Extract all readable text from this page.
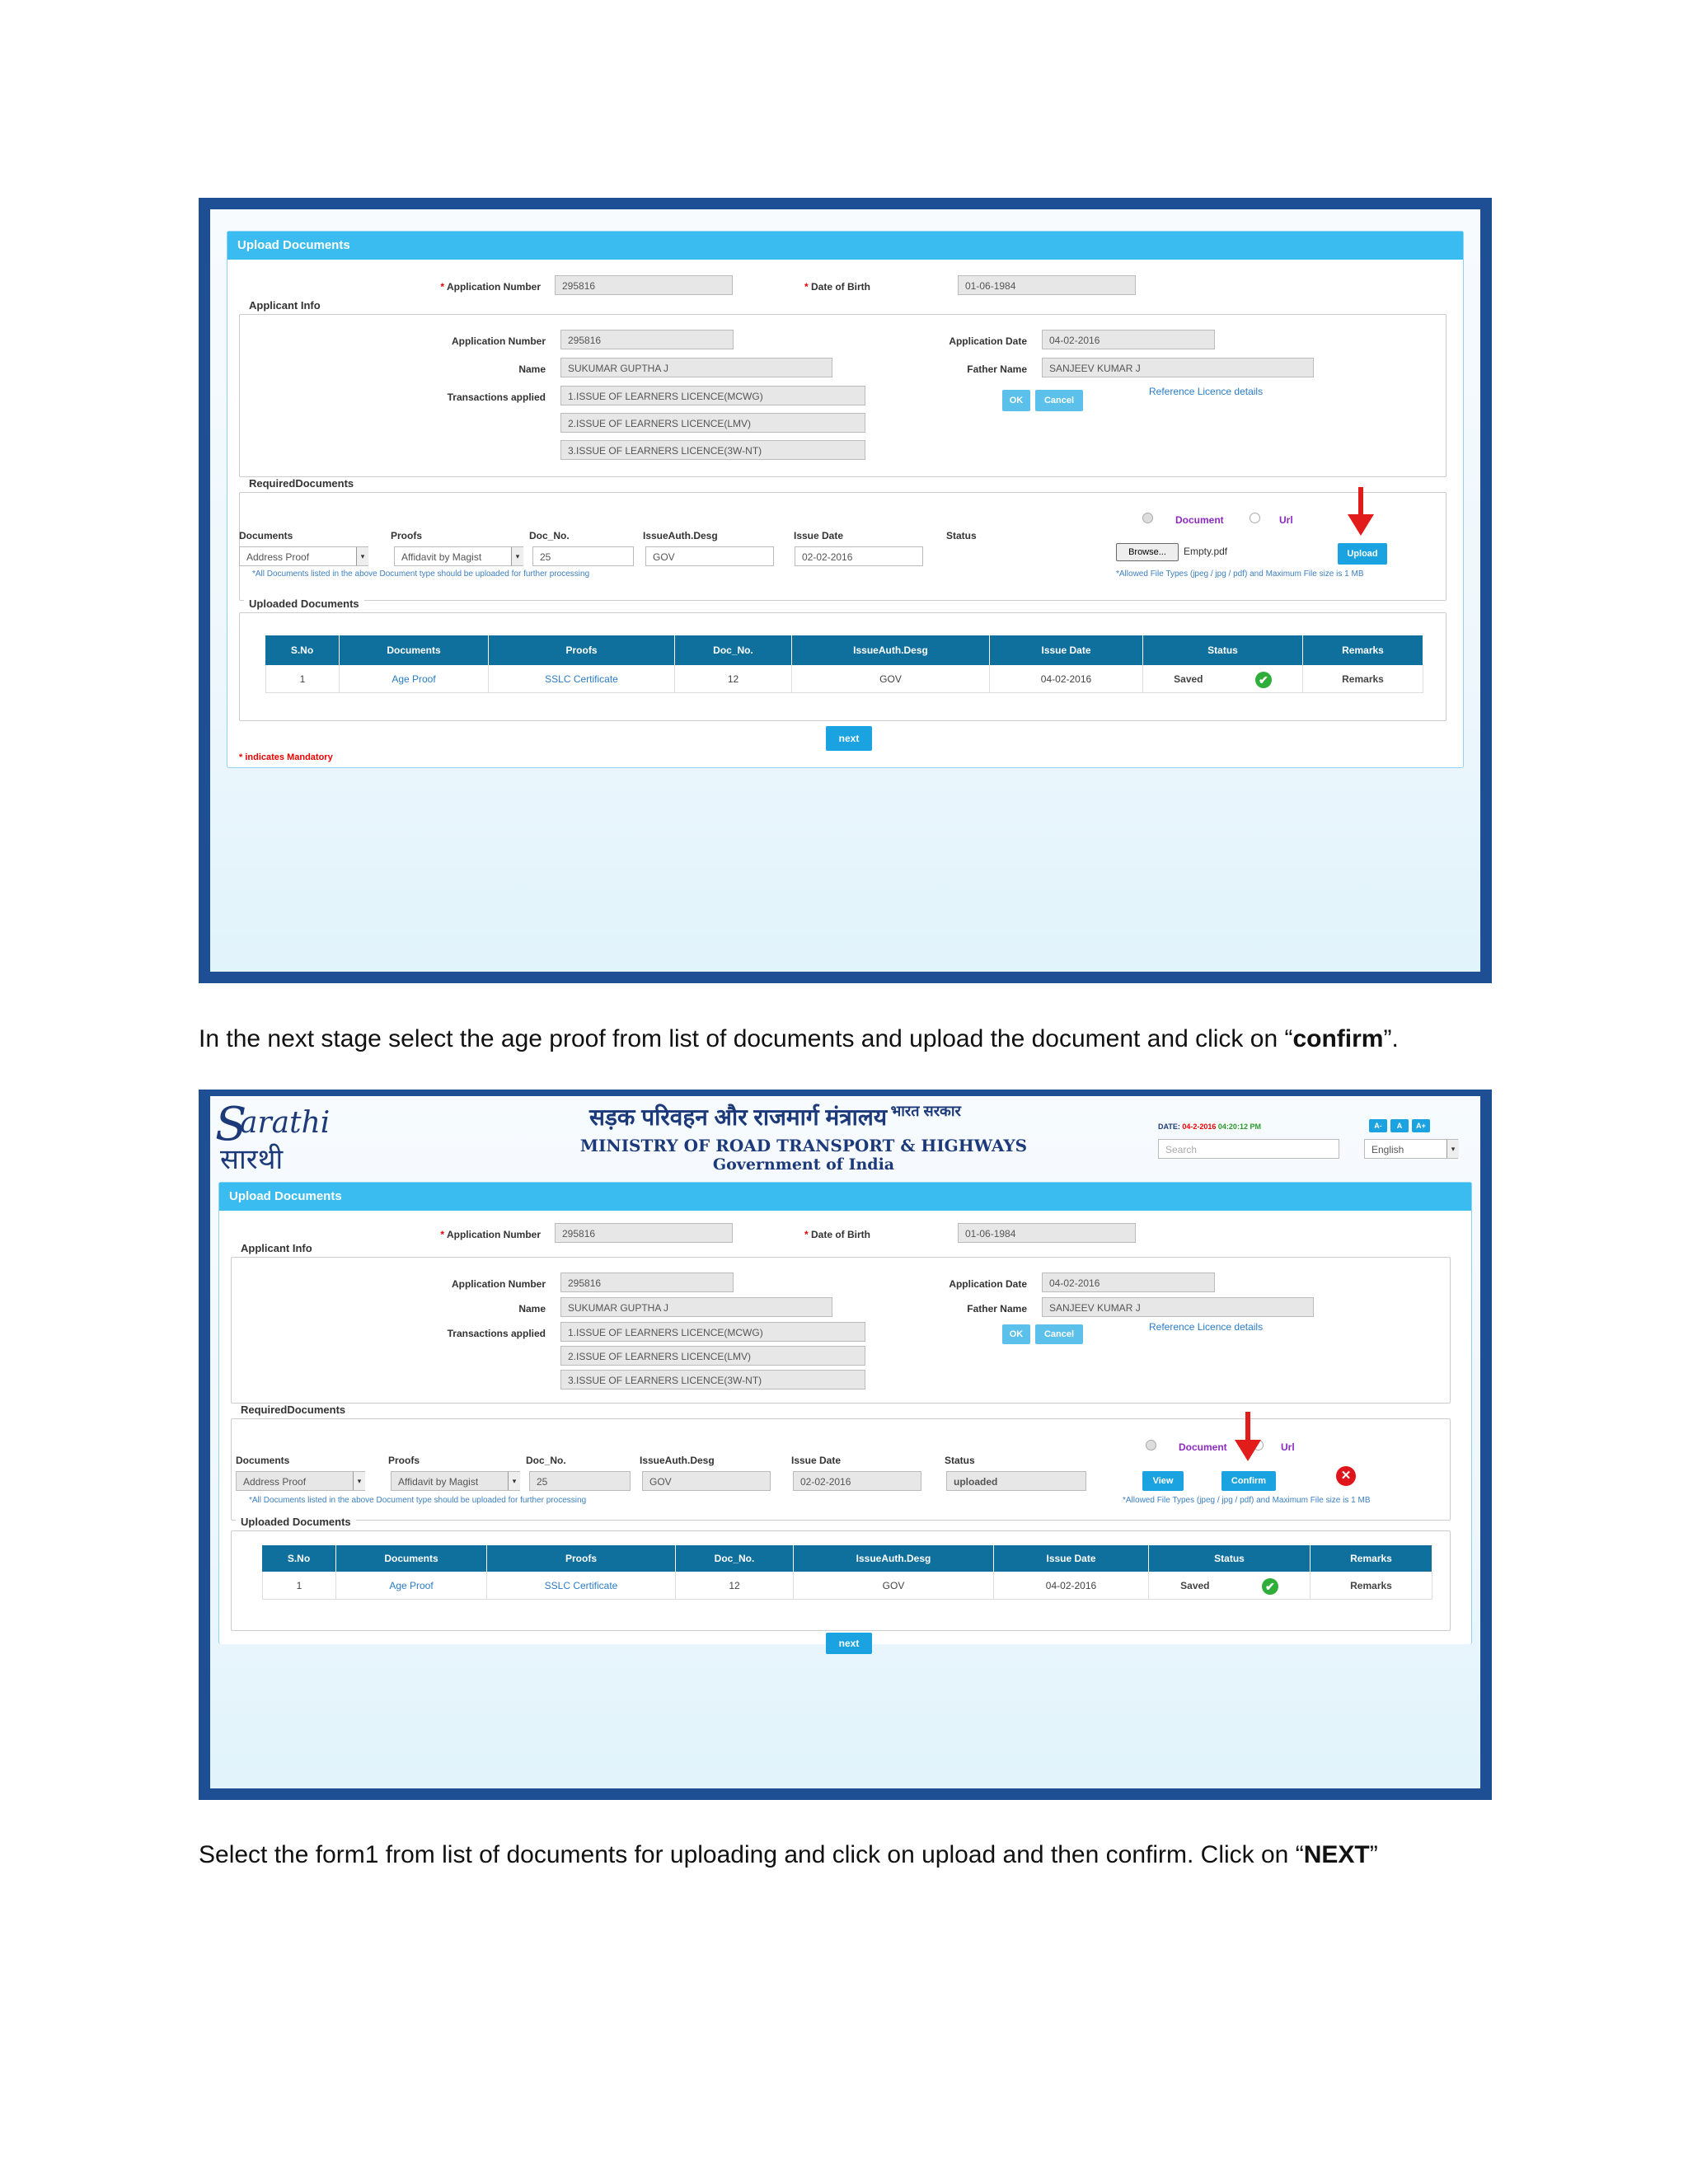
Upload Documents
* Application Number	295816	* Date of Birth	01-06-1984
Applicant Info
Application Number	295816
Name	SUKUMAR GUPTHA J
Transactions applied	1.ISSUE OF LEARNERS LICENCE(MCWG)
2.ISSUE OF LEARNERS LICENCE(LMV)
3.ISSUE OF LEARNERS LICENCE(3W-NT)
Application Date	04-02-2016
Father Name	SANJEEV KUMAR J
OK	Cancel
Reference Licence details
RequiredDocuments
Documents	Proofs	Doc_No.	IssueAuth.Desg	Issue Date	Status
Address Proof	▾	Affidavit by Magist	▾	25	GOV	02-02-2016
Document	Url
Browse...	Empty.pdf	Upload
*All Documents listed in the above Document type should be uploaded for further processing	*Allowed File Types (jpeg / jpg / pdf) and Maximum File size is 1 MB
Uploaded Documents
S.No	Documents	Proofs	Doc_No.	IssueAuth.Desg	Issue Date	Status	Remarks
1	Age Proof	SSLC Certificate	12	GOV	04-02-2016	Saved	✔	Remarks
next
* indicates Mandatory
In the next stage select the age proof from list of documents and upload the document and click on “confirm”.
S
arathi
सारथी
सड़क परिवहन और राजमार्ग मंत्रालय भारत सरकार
MINISTRY OF ROAD TRANSPORT & HIGHWAYS
Government of India
DATE: 04-2-2016 04:20:12 PM	A-	A	A+
Search	English	▾
Upload Documents
* Application Number	295816	* Date of Birth	01-06-1984
Applicant Info
Application Number	295816
Name	SUKUMAR GUPTHA J
Transactions applied	1.ISSUE OF LEARNERS LICENCE(MCWG)
2.ISSUE OF LEARNERS LICENCE(LMV)
3.ISSUE OF LEARNERS LICENCE(3W-NT)
Application Date	04-02-2016
Father Name	SANJEEV KUMAR J
OK	Cancel
Reference Licence details
RequiredDocuments
Documents	Proofs	Doc_No.	IssueAuth.Desg	Issue Date	Status
Address Proof	▾	Affidavit by Magist	▾	25	GOV	02-02-2016	uploaded
Document	Url
View	Confirm	✕
*All Documents listed in the above Document type should be uploaded for further processing	*Allowed File Types (jpeg / jpg / pdf) and Maximum File size is 1 MB
Uploaded Documents
S.No	Documents	Proofs	Doc_No.	IssueAuth.Desg	Issue Date	Status	Remarks
1	Age Proof	SSLC Certificate	12	GOV	04-02-2016	Saved	✔	Remarks
next
Select the form1 from list of documents for uploading and click on upload and then confirm. Click on “NEXT”
